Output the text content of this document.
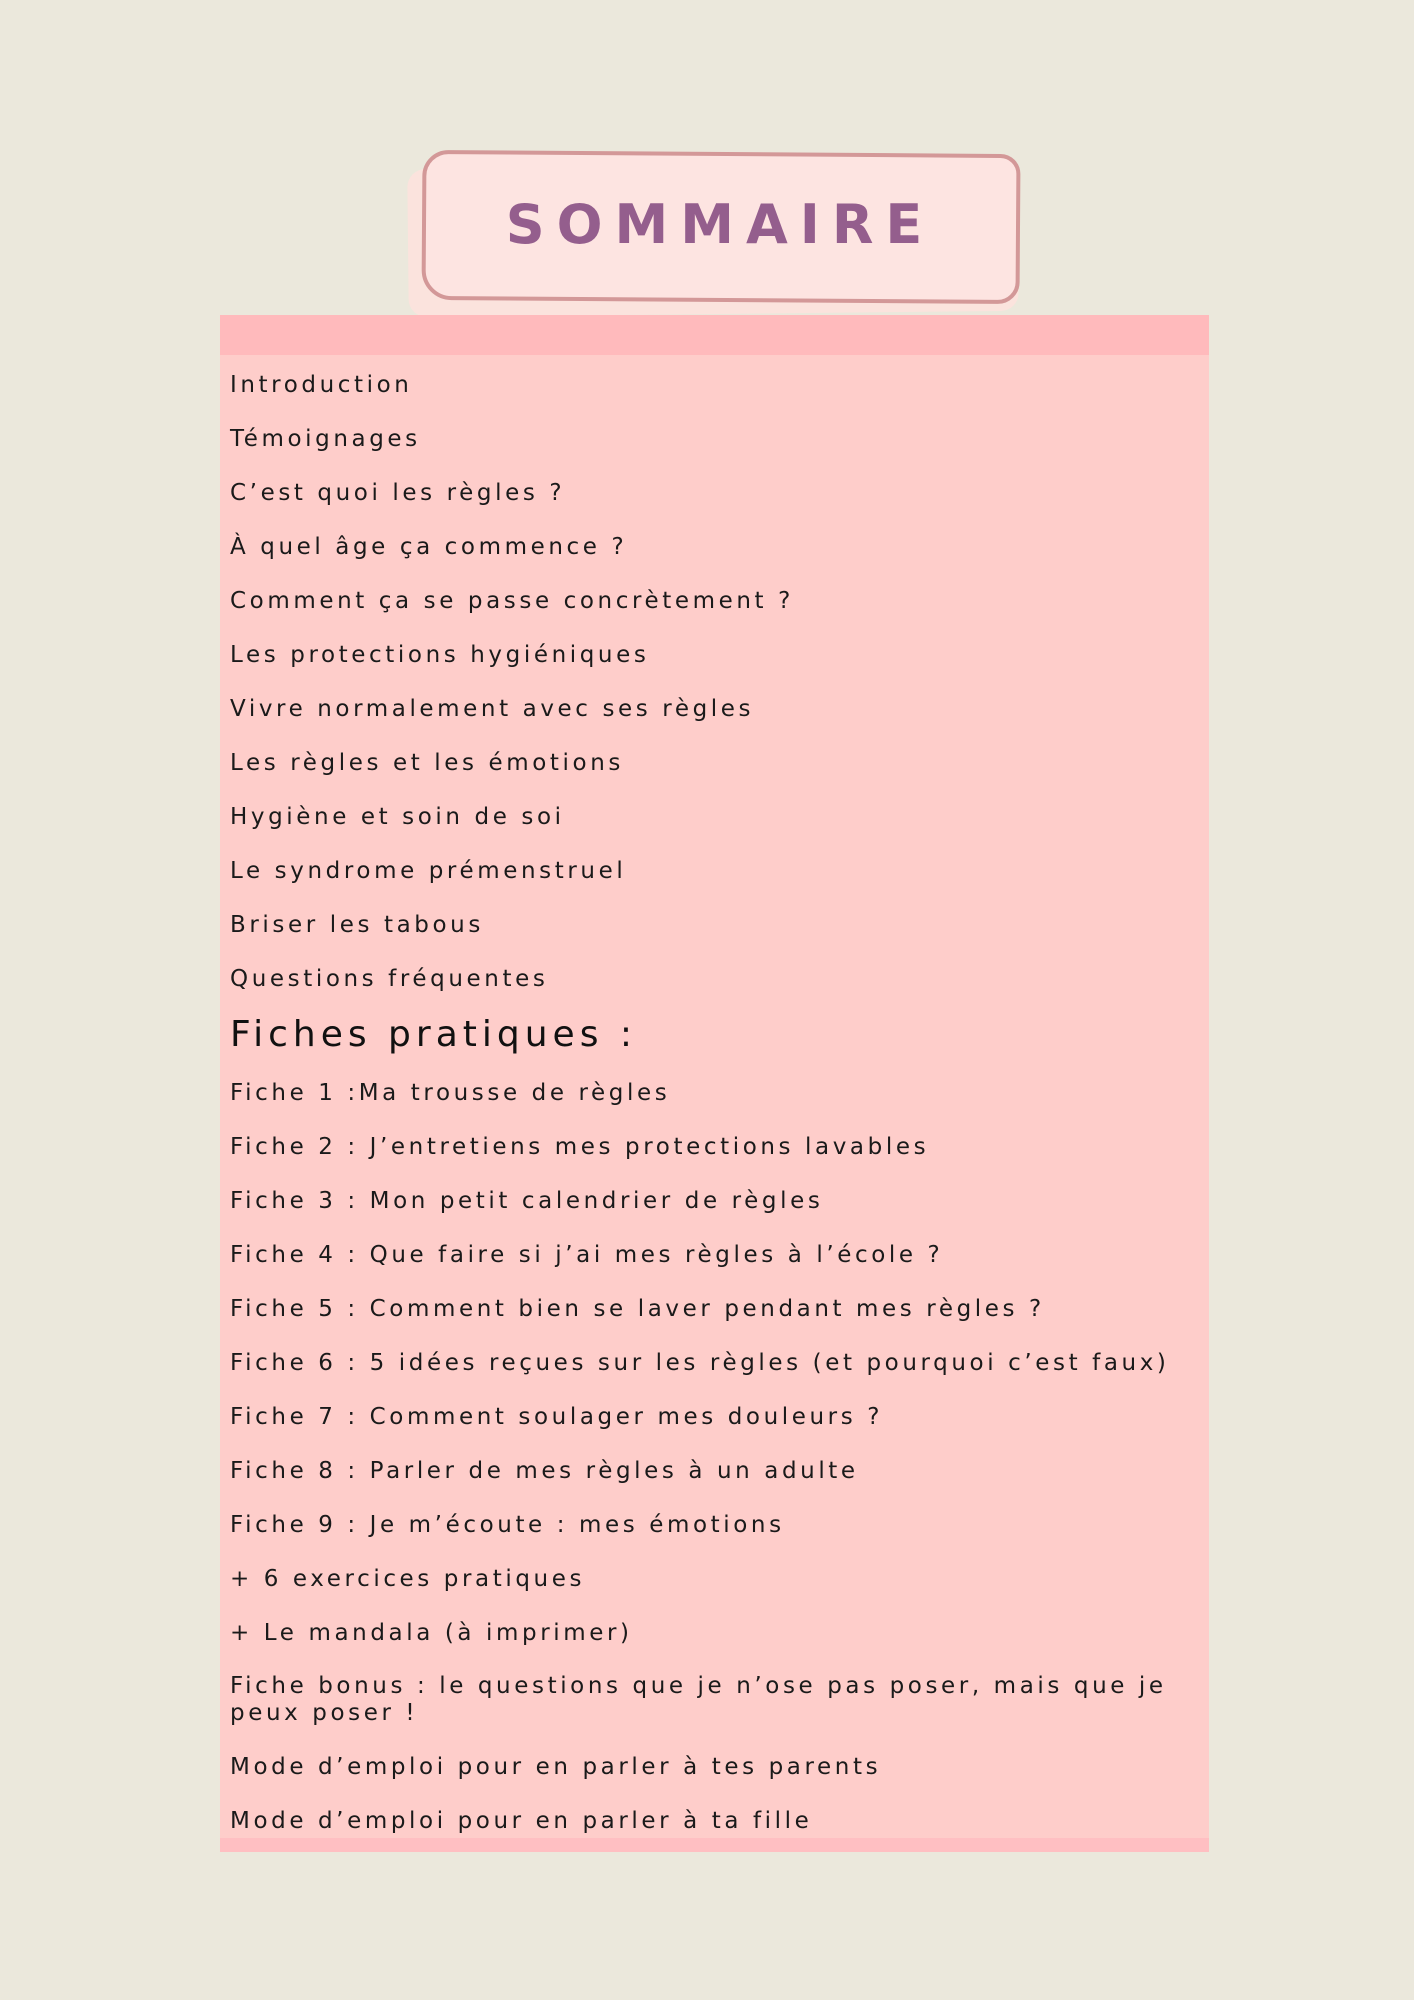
SOMMAIRE
Introduction
Témoignages
C’est quoi les règles ?
À quel âge ça commence ?
Comment ça se passe concrètement ?
Les protections hygiéniques
Vivre normalement avec ses règles
Les règles et les émotions
Hygiène et soin de soi
Le syndrome prémenstruel
Briser les tabous
Questions fréquentes
Fiches pratiques :
Fiche 1 :Ma trousse de règles
Fiche 2 : J’entretiens mes protections lavables
Fiche 3 : Mon petit calendrier de règles
Fiche 4 : Que faire si j’ai mes règles à l’école ?
Fiche 5 : Comment bien se laver pendant mes règles ?
Fiche 6 : 5 idées reçues sur les règles (et pourquoi c’est faux)
Fiche 7 : Comment soulager mes douleurs ?
Fiche 8 : Parler de mes règles à un adulte
Fiche 9 : Je m’écoute : mes émotions
+ 6 exercices pratiques
+ Le mandala (à imprimer)
Fiche bonus : le questions que je n’ose pas poser, mais que je peux poser !
Mode d’emploi pour en parler à tes parents
Mode d’emploi pour en parler à ta fille
